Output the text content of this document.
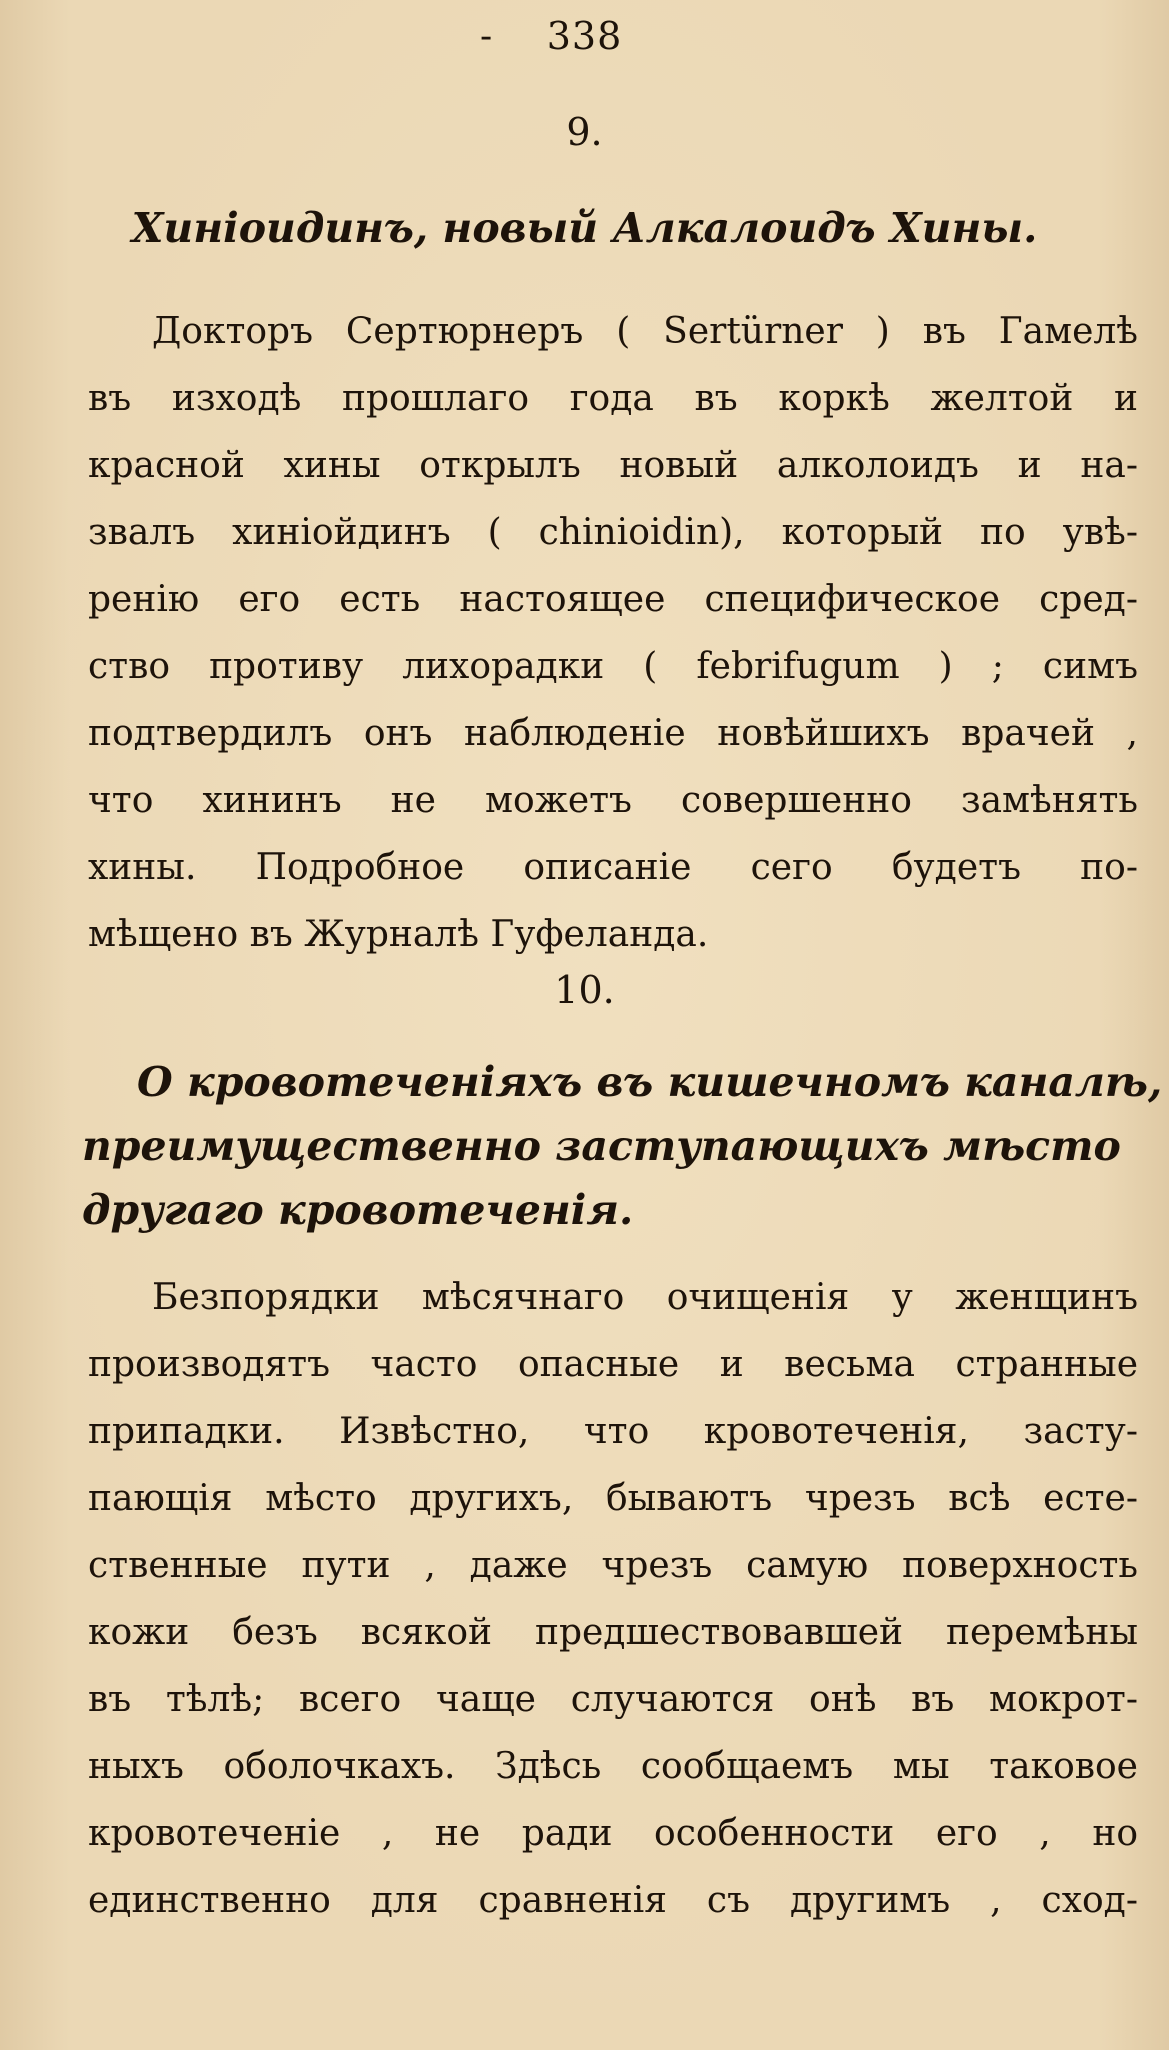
-	338
9.
Хиніоидинъ, новый Алкалоидъ Хины.
Докторъ Сертюрнеръ ( Sertürner ) въ Гамелѣ
въ изходѣ прошлаго года въ коркѣ желтой и
красной хины открылъ новый алколоидъ и на-
звалъ хиніойдинъ ( chinioidin), который по увѣ-
ренію его есть настоящее специфическое сред-
ство противу лихорадки ( febrifugum ) ; симъ
подтвердилъ онъ наблюденіе новѣйшихъ врачей ,
что хининъ не можетъ совершенно замѣнять
хины. Подробное описаніе сего будетъ по-
мѣщено въ Журналѣ Гуфеланда.
10.
О кровотеченіяхъ въ кишечномъ каналѣ,
преимущественно заступающихъ мѣсто
другаго кровотеченія.
Безпорядки мѣсячнаго очищенія у женщинъ
производятъ часто опасные и весьма странные
припадки. Извѣстно, что кровотеченія, засту-
пающія мѣсто другихъ, бываютъ чрезъ всѣ есте-
ственные пути , даже чрезъ самую поверхность
кожи безъ всякой предшествовавшей перемѣны
въ тѣлѣ; всего чаще случаются онѣ въ мокрот-
ныхъ оболочкахъ. Здѣсь сообщаемъ мы таковое
кровотеченіе , не ради особенности его , но
единственно для сравненія съ другимъ , сход-
